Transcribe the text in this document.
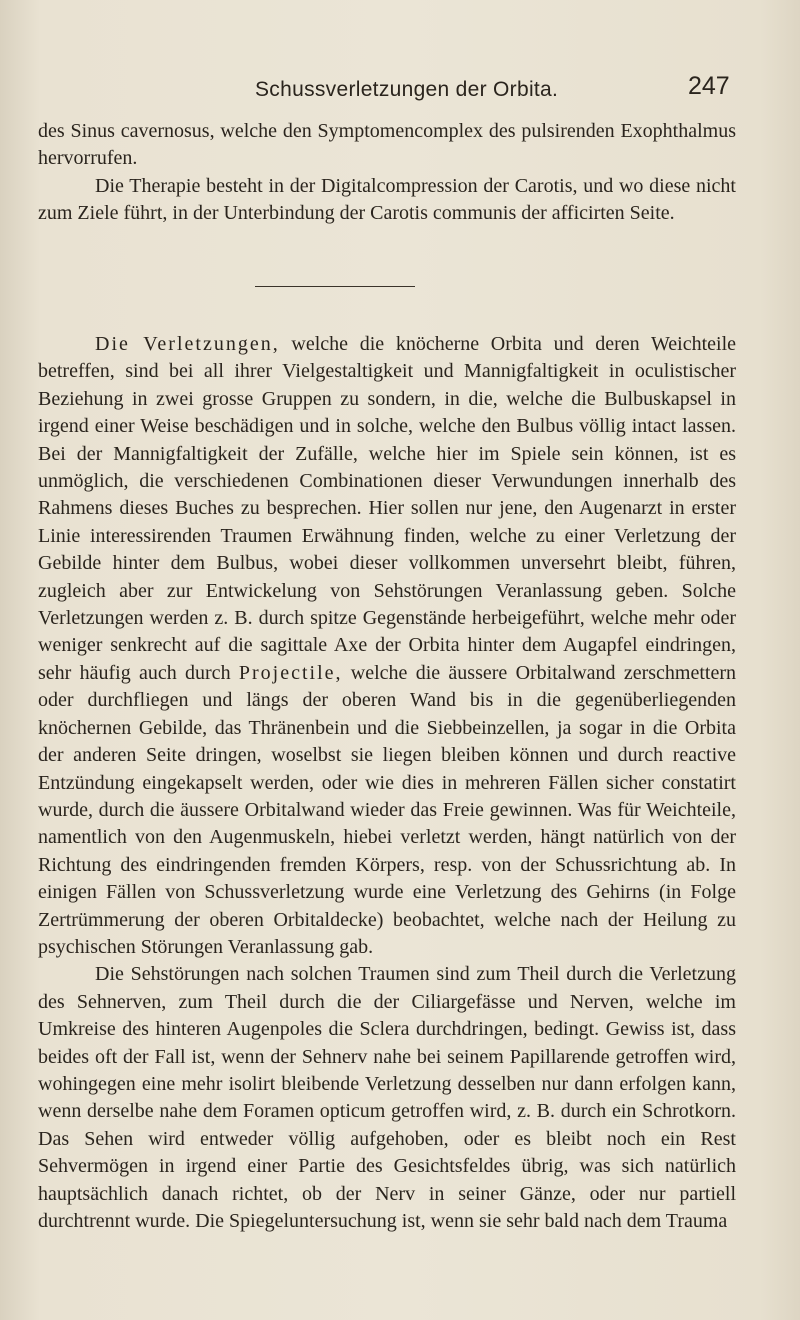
Schussverletzungen der Orbita.	247

des Sinus cavernosus, welche den Symptomencomplex des pulsirenden Exophthalmus hervorrufen.

Die Therapie besteht in der Digitalcompression der Carotis, und wo diese nicht zum Ziele führt, in der Unterbindung der Carotis communis der afficirten Seite.

Die Verletzungen, welche die knöcherne Orbita und deren Weichteile betreffen, sind bei all ihrer Vielgestaltigkeit und Mannigfaltigkeit in oculistischer Beziehung in zwei grosse Gruppen zu sondern, in die, welche die Bulbuskapsel in irgend einer Weise beschädigen und in solche, welche den Bulbus völlig intact lassen. Bei der Mannigfaltigkeit der Zufälle, welche hier im Spiele sein können, ist es unmöglich, die verschiedenen Combinationen dieser Verwundungen innerhalb des Rahmens dieses Buches zu besprechen. Hier sollen nur jene, den Augenarzt in erster Linie interessirenden Traumen Erwähnung finden, welche zu einer Verletzung der Gebilde hinter dem Bulbus, wobei dieser vollkommen unversehrt bleibt, führen, zugleich aber zur Entwickelung von Sehstörungen Veranlassung geben. Solche Verletzungen werden z. B. durch spitze Gegenstände herbeigeführt, welche mehr oder weniger senkrecht auf die sagittale Axe der Orbita hinter dem Augapfel eindringen, sehr häufig auch durch Projectile, welche die äussere Orbitalwand zerschmettern oder durchfliegen und längs der oberen Wand bis in die gegenüberliegenden knöchernen Gebilde, das Thränenbein und die Siebbeinzellen, ja sogar in die Orbita der anderen Seite dringen, woselbst sie liegen bleiben können und durch reactive Entzündung eingekapselt werden, oder wie dies in mehreren Fällen sicher constatirt wurde, durch die äussere Orbitalwand wieder das Freie gewinnen. Was für Weichteile, namentlich von den Augenmuskeln, hiebei verletzt werden, hängt natürlich von der Richtung des eindringenden fremden Körpers, resp. von der Schussrichtung ab. In einigen Fällen von Schussverletzung wurde eine Verletzung des Gehirns (in Folge Zertrümmerung der oberen Orbitaldecke) beobachtet, welche nach der Heilung zu psychischen Störungen Veranlassung gab.

Die Sehstörungen nach solchen Traumen sind zum Theil durch die Verletzung des Sehnerven, zum Theil durch die der Ciliargefässe und Nerven, welche im Umkreise des hinteren Augenpoles die Sclera durchdringen, bedingt. Gewiss ist, dass beides oft der Fall ist, wenn der Sehnerv nahe bei seinem Papillarende getroffen wird, wohingegen eine mehr isolirt bleibende Verletzung desselben nur dann erfolgen kann, wenn derselbe nahe dem Foramen opticum getroffen wird, z. B. durch ein Schrotkorn. Das Sehen wird entweder völlig aufgehoben, oder es bleibt noch ein Rest Sehvermögen in irgend einer Partie des Gesichtsfeldes übrig, was sich natürlich hauptsächlich danach richtet, ob der Nerv in seiner Gänze, oder nur partiell durchtrennt wurde. Die Spiegeluntersuchung ist, wenn sie sehr bald nach dem Trauma
